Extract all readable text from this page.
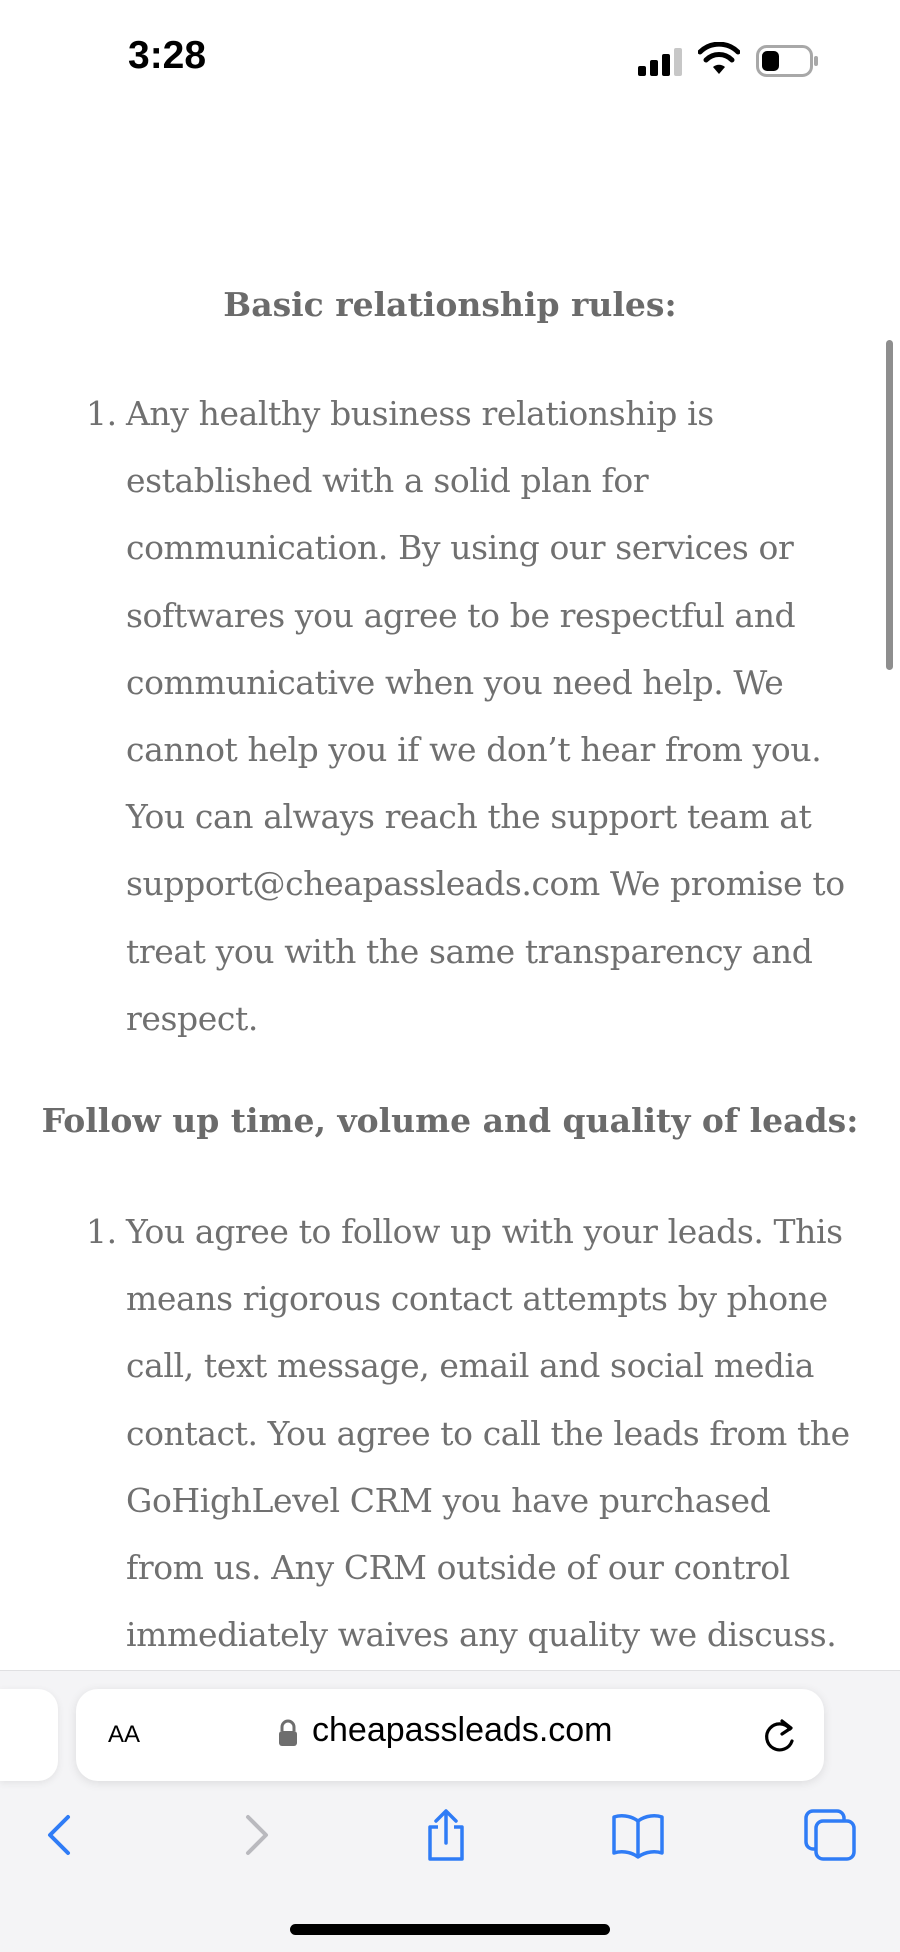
3:28
Basic relationship rules:
1. Any healthy business relationship is
established with a solid plan for
communication. By using our services or
softwares you agree to be respectful and
communicative when you need help. We
cannot help you if we don’t hear from you.
You can always reach the support team at
support@cheapassleads.com We promise to
treat you with the same transparency and
respect.
Follow up time, volume and quality of leads:
1. You agree to follow up with your leads. This
means rigorous contact attempts by phone
call, text message, email and social media
contact. You agree to call the leads from the
GoHighLevel CRM you have purchased
from us. Any CRM outside of our control
immediately waives any quality we discuss.
AA	cheapassleads.com
